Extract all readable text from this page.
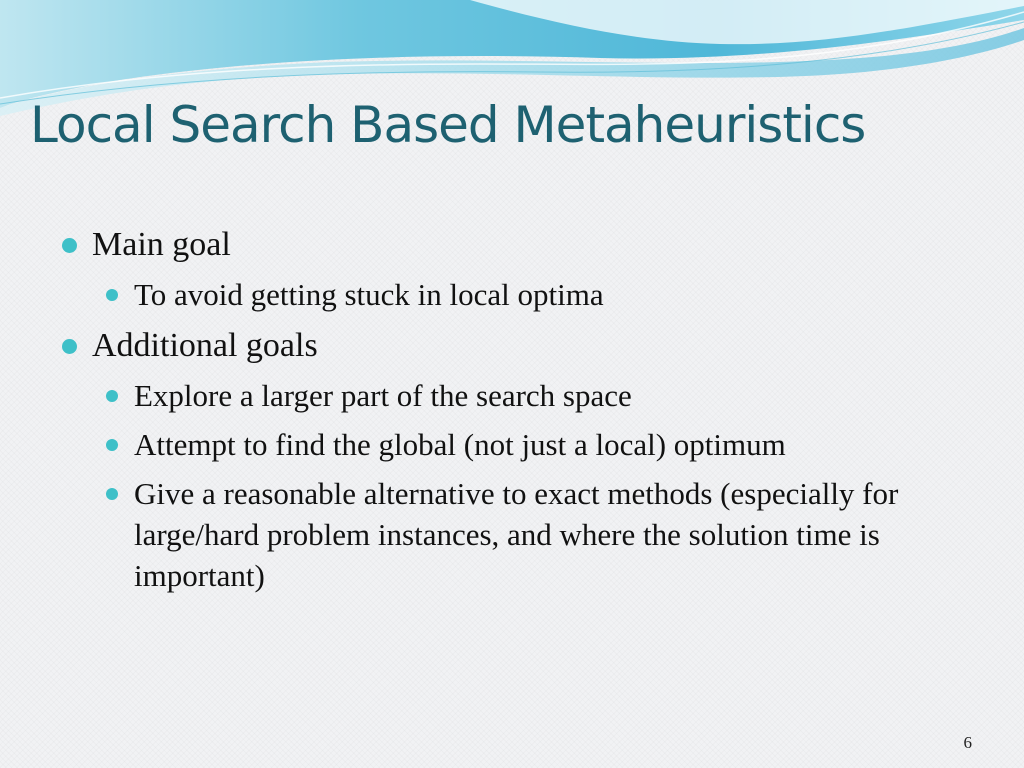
Local Search Based Metaheuristics
Main goal
To avoid getting stuck in local optima
Additional goals
Explore a larger part of the search space
Attempt to find the global (not just a local) optimum
Give a reasonable alternative to exact methods (especially for large/hard problem instances, and where the solution time is important)
6
